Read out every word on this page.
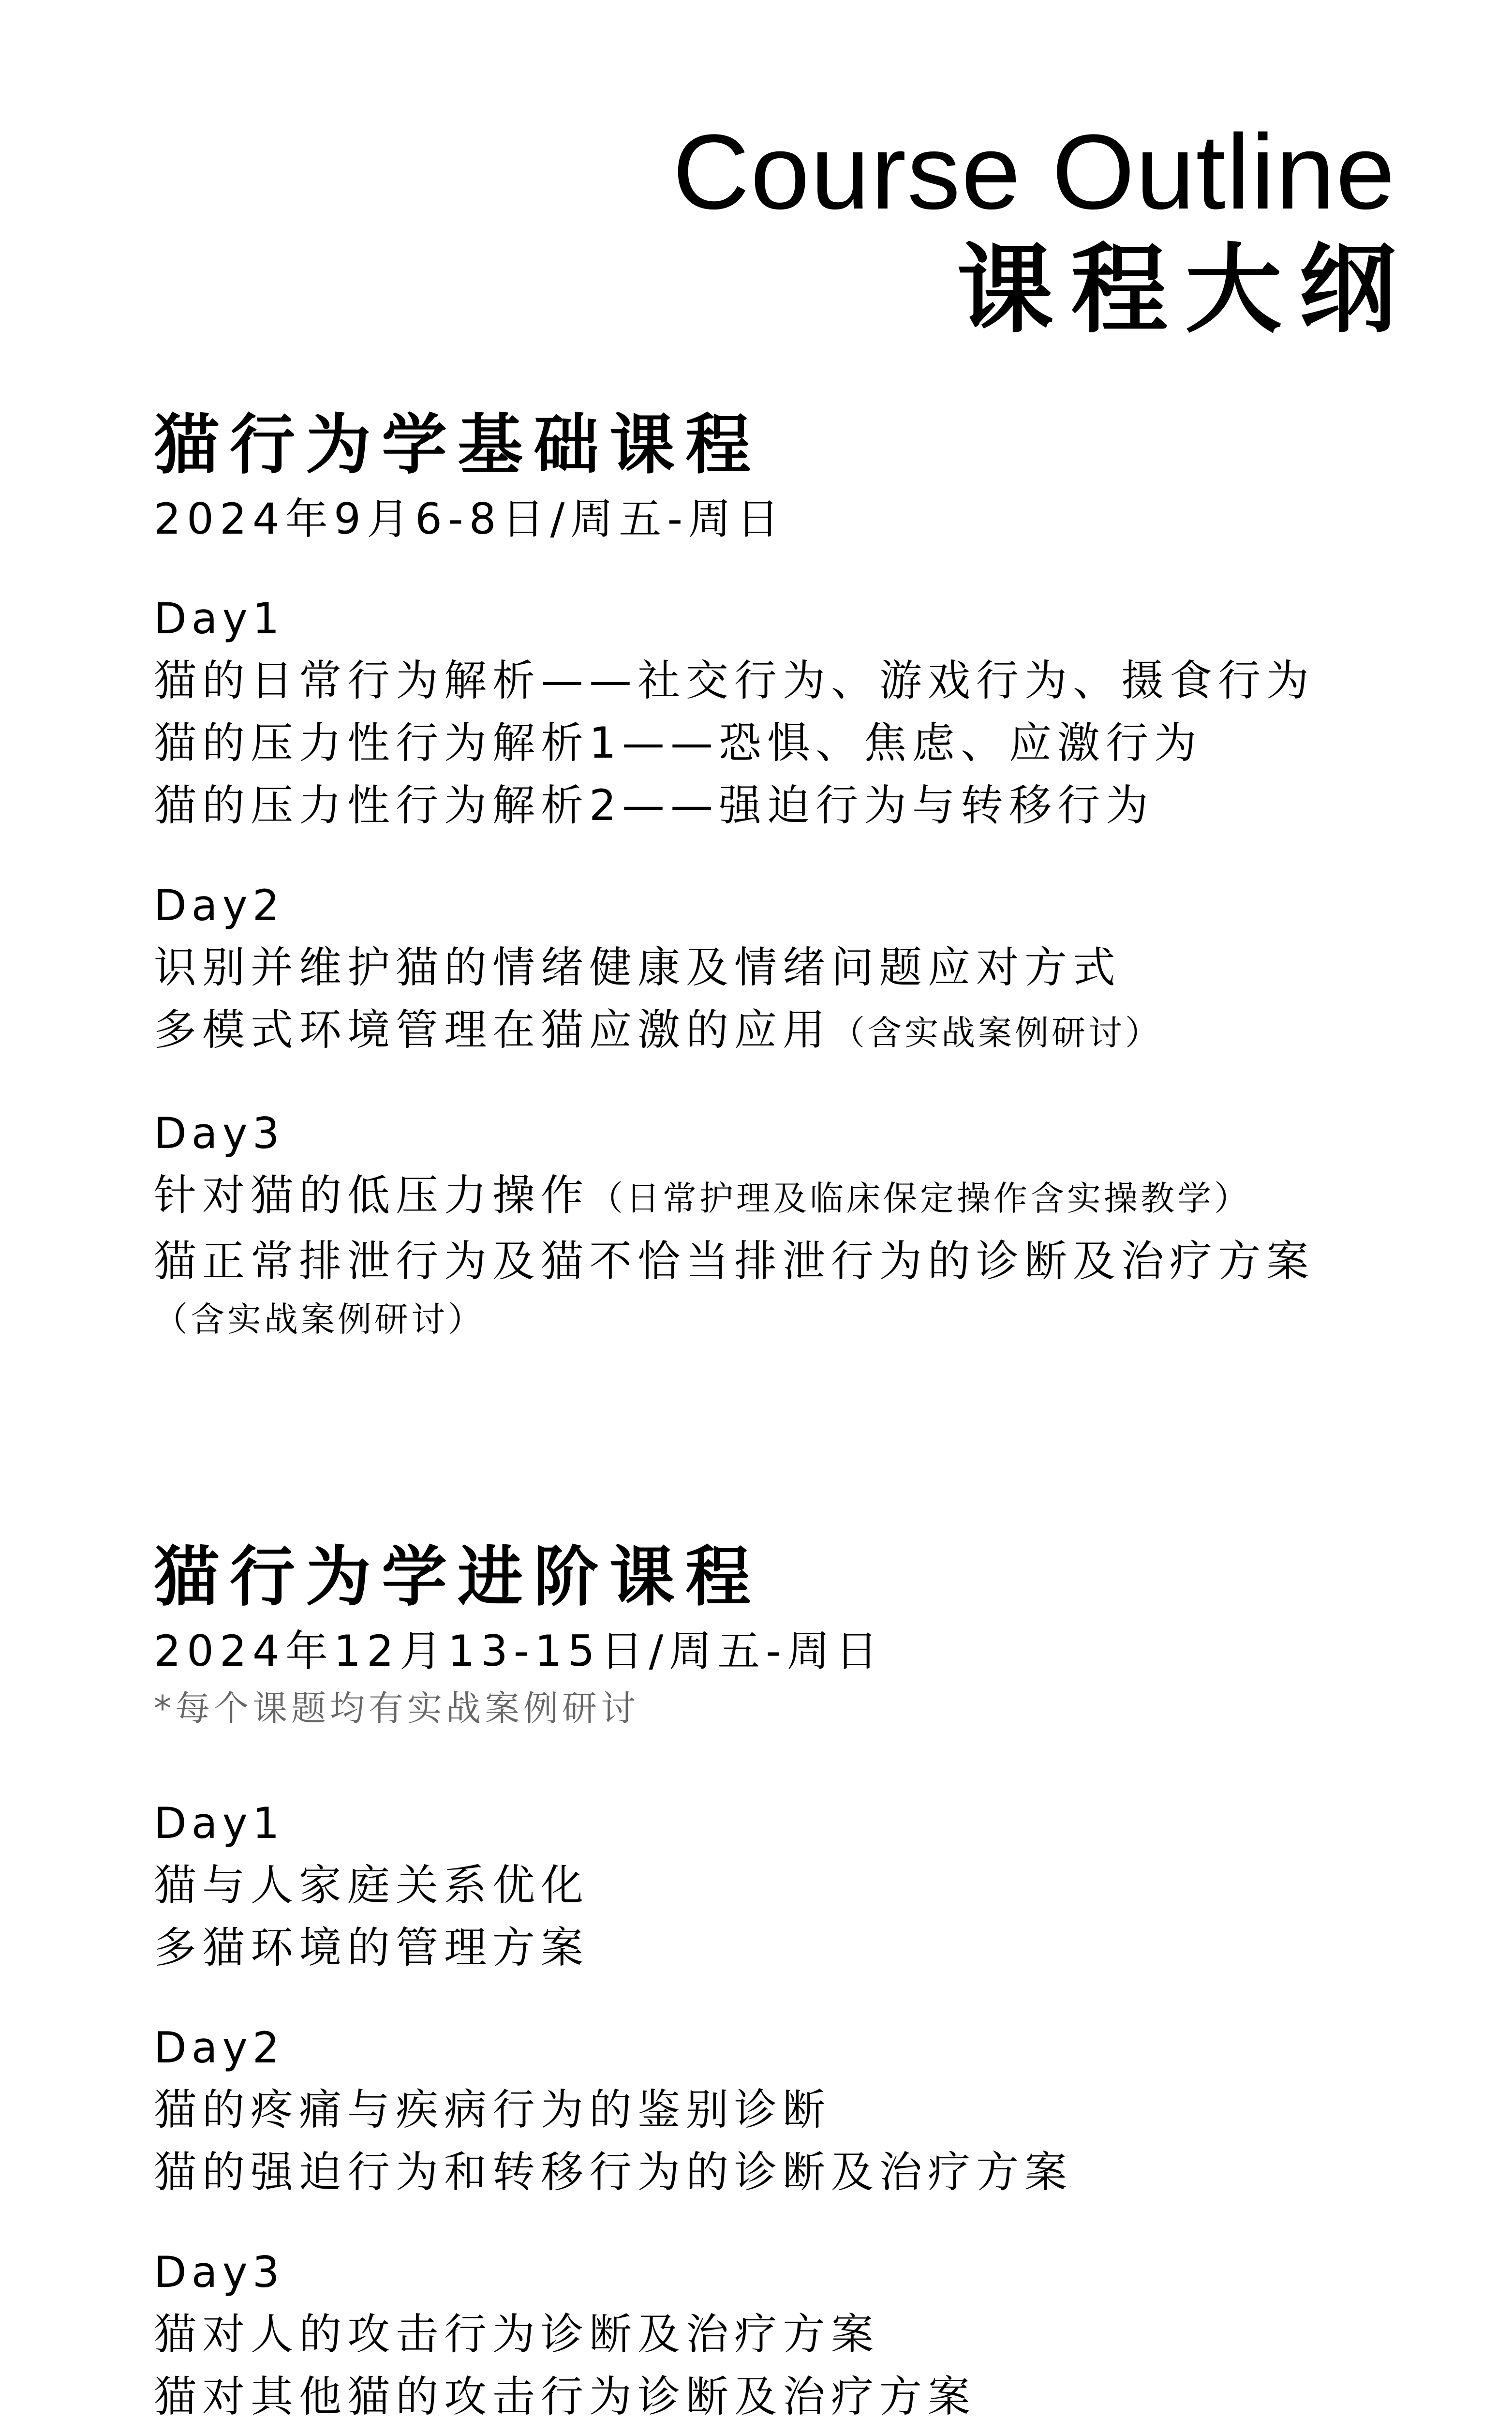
Course Outline
课程大纲
猫行为学基础课程
2024年9月6-8日/周五-周日
Day1
猫的日常行为解析——社交行为、游戏行为、摄食行为
猫的压力性行为解析1——恐惧、焦虑、应激行为
猫的压力性行为解析2——强迫行为与转移行为
Day2
识别并维护猫的情绪健康及情绪问题应对方式
多模式环境管理在猫应激的应用（含实战案例研讨）
Day3
针对猫的低压力操作（日常护理及临床保定操作含实操教学）
猫正常排泄行为及猫不恰当排泄行为的诊断及治疗方案
（含实战案例研讨）
猫行为学进阶课程
2024年12月13-15日/周五-周日
*每个课题均有实战案例研讨
Day1
猫与人家庭关系优化
多猫环境的管理方案
Day2
猫的疼痛与疾病行为的鉴别诊断
猫的强迫行为和转移行为的诊断及治疗方案
Day3
猫对人的攻击行为诊断及治疗方案
猫对其他猫的攻击行为诊断及治疗方案
